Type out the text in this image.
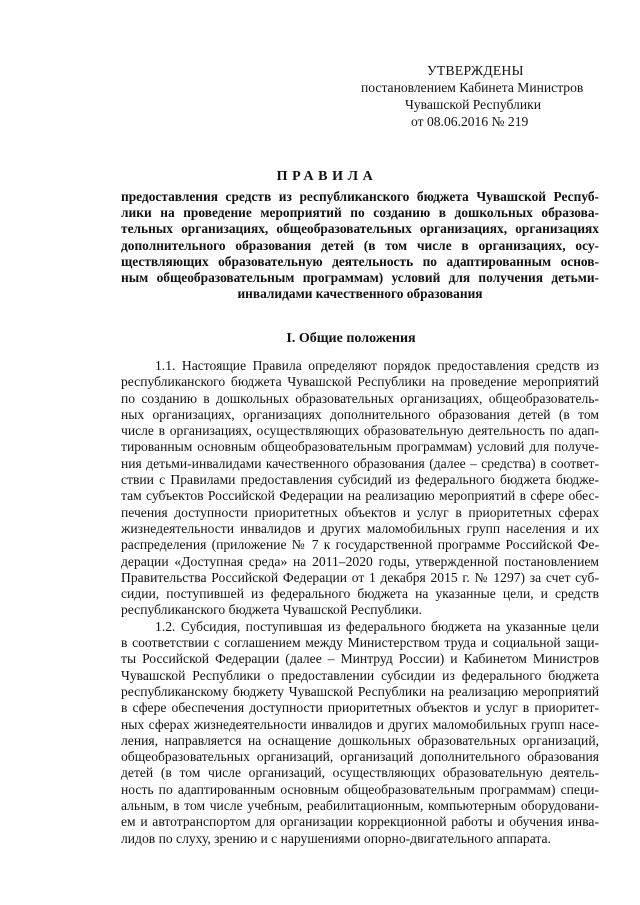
УТВЕРЖДЕНЫ
постановлением Кабинета Министров
Чувашской Республики
от 08.06.2016 № 219
ПРАВИЛА
предоставления средств из республиканского бюджета Чувашской Респуб-
лики на проведение мероприятий по созданию в дошкольных образова-
тельных организациях, общеобразовательных организациях, организациях
дополнительного образования детей (в том числе в организациях, осу-
ществляющих образовательную деятельность по адаптированным основ-
ным общеобразовательным программам) условий для получения детьми-
инвалидами качественного образования
I. Общие положения
1.1. Настоящие Правила определяют порядок предоставления средств из
республиканского бюджета Чувашской Республики на проведение мероприятий
по созданию в дошкольных образовательных организациях, общеобразователь-
ных организациях, организациях дополнительного образования детей (в том
числе в организациях, осуществляющих образовательную деятельность по адап-
тированным основным общеобразовательным программам) условий для получе-
ния детьми-инвалидами качественного образования (далее – средства) в соответ-
ствии с Правилами предоставления субсидий из федерального бюджета бюдже-
там субъектов Российской Федерации на реализацию мероприятий в сфере обес-
печения доступности приоритетных объектов и услуг в приоритетных сферах
жизнедеятельности инвалидов и других маломобильных групп населения и их
распределения (приложение № 7 к государственной программе Российской Фе-
дерации «Доступная среда» на 2011–2020 годы, утвержденной постановлением
Правительства Российской Федерации от 1 декабря 2015 г. № 1297) за счет суб-
сидии, поступившей из федерального бюджета на указанные цели, и средств
республиканского бюджета Чувашской Республики.
1.2. Субсидия, поступившая из федерального бюджета на указанные цели
в соответствии с соглашением между Министерством труда и социальной защи-
ты Российской Федерации (далее – Минтруд России) и Кабинетом Министров
Чувашской Республики о предоставлении субсидии из федерального бюджета
республиканскому бюджету Чувашской Республики на реализацию мероприятий
в сфере обеспечения доступности приоритетных объектов и услуг в приоритет-
ных сферах жизнедеятельности инвалидов и других маломобильных групп насе-
ления, направляется на оснащение дошкольных образовательных организаций,
общеобразовательных организаций, организаций дополнительного образования
детей (в том числе организаций, осуществляющих образовательную деятель-
ность по адаптированным основным общеобразовательным программам) специ-
альным, в том числе учебным, реабилитационным, компьютерным оборудовани-
ем и автотранспортом для организации коррекционной работы и обучения инва-
лидов по слуху, зрению и с нарушениями опорно-двигательного аппарата.
